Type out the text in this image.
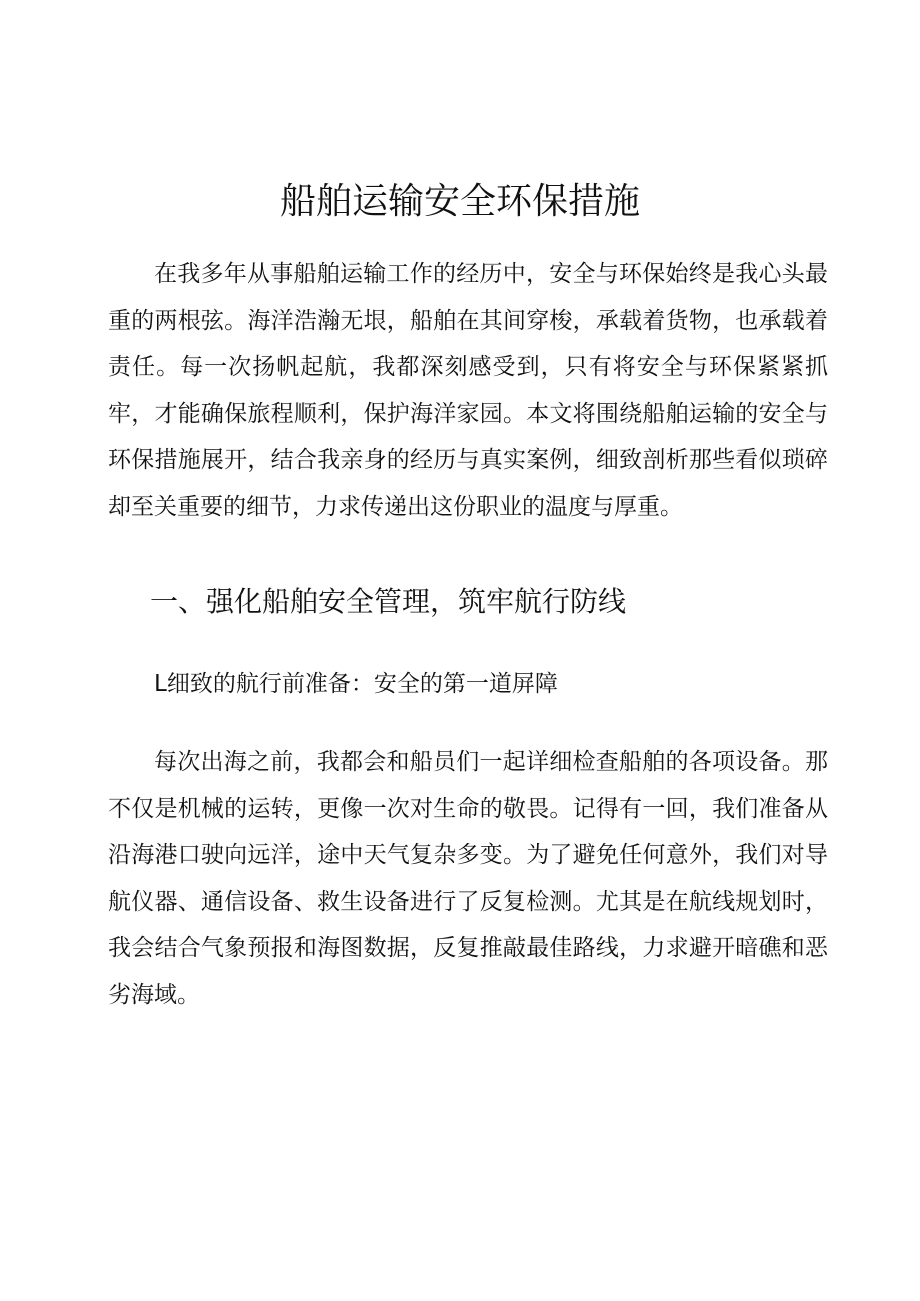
船舶运输安全环保措施

在我多年从事船舶运输工作的经历中，安全与环保始终是我心头最重的两根弦。海洋浩瀚无垠，船舶在其间穿梭，承载着货物，也承载着责任。每一次扬帆起航，我都深刻感受到，只有将安全与环保紧紧抓牢，才能确保旅程顺利，保护海洋家园。本文将围绕船舶运输的安全与环保措施展开，结合我亲身的经历与真实案例，细致剖析那些看似琐碎却至关重要的细节，力求传递出这份职业的温度与厚重。

一、强化船舶安全管理，筑牢航行防线
L细致的航行前准备：安全的第一道屏障

每次出海之前，我都会和船员们一起详细检查船舶的各项设备。那不仅是机械的运转，更像一次对生命的敬畏。记得有一回，我们准备从沿海港口驶向远洋，途中天气复杂多变。为了避免任何意外，我们对导航仪器、通信设备、救生设备进行了反复检测。尤其是在航线规划时，我会结合气象预报和海图数据，反复推敲最佳路线，力求避开暗礁和恶劣海域。
